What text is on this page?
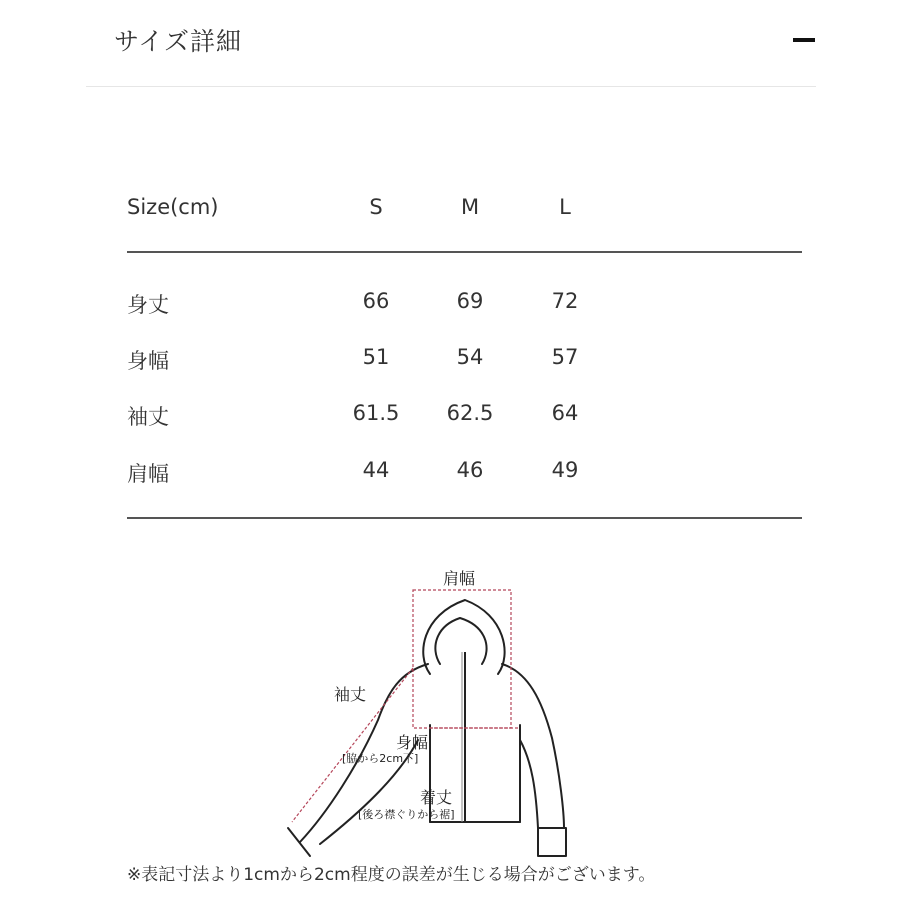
サイズ詳細
Size(cm)	S	M	L
身丈	66	69	72
身幅	51	54	57
袖丈	61.5	62.5	64
肩幅	44	46	49
肩幅
袖丈
身幅
[脇から2cm下]
着丈
[後ろ襟ぐりから裾]
※表記寸法より1cmから2cm程度の誤差が生じる場合がございます。
